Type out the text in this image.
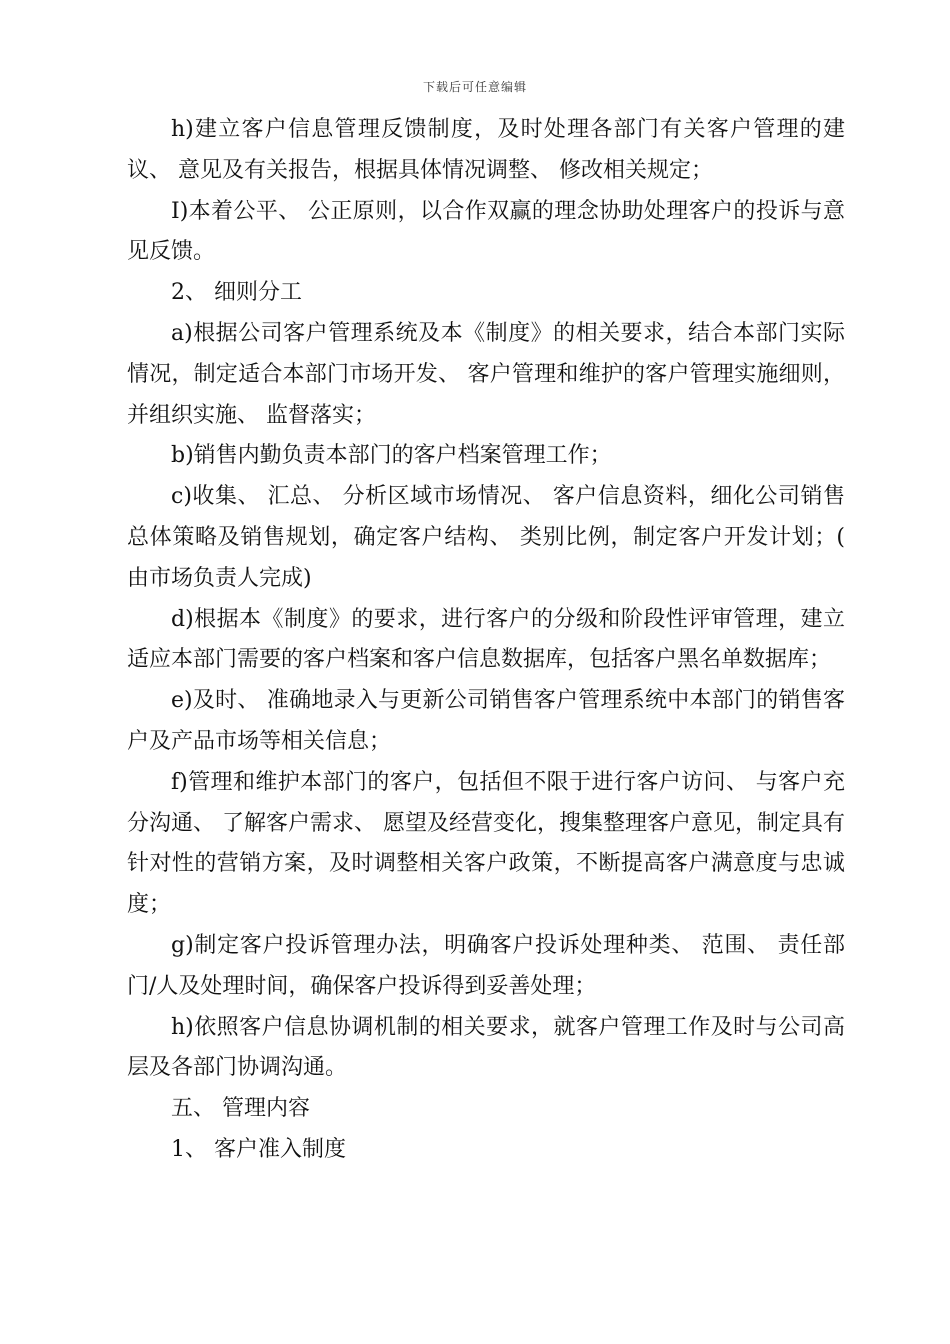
下载后可任意编辑

h)建立客户信息管理反馈制度，及时处理各部门有关客户管理的建议、 意见及有关报告，根据具体情况调整、 修改相关规定；

I)本着公平、 公正原则，以合作双赢的理念协助处理客户的投诉与意见反馈。

2、 细则分工

a)根据公司客户管理系统及本《制度》的相关要求，结合本部门实际情况，制定适合本部门市场开发、 客户管理和维护的客户管理实施细则，并组织实施、 监督落实；

b)销售内勤负责本部门的客户档案管理工作；

c)收集、 汇总、 分析区域市场情况、 客户信息资料，细化公司销售总体策略及销售规划，确定客户结构、 类别比例，制定客户开发计划；( 由市场负责人完成)

d)根据本《制度》的要求，进行客户的分级和阶段性评审管理，建立适应本部门需要的客户档案和客户信息数据库，包括客户黑名单数据库；

e)及时、 准确地录入与更新公司销售客户管理系统中本部门的销售客户及产品市场等相关信息；

f)管理和维护本部门的客户，包括但不限于进行客户访问、 与客户充分沟通、 了解客户需求、 愿望及经营变化，搜集整理客户意见，制定具有针对性的营销方案，及时调整相关客户政策，不断提高客户满意度与忠诚度；

g)制定客户投诉管理办法，明确客户投诉处理种类、 范围、 责任部门/人及处理时间，确保客户投诉得到妥善处理；

h)依照客户信息协调机制的相关要求，就客户管理工作及时与公司高层及各部门协调沟通。

五、 管理内容

1、 客户准入制度
